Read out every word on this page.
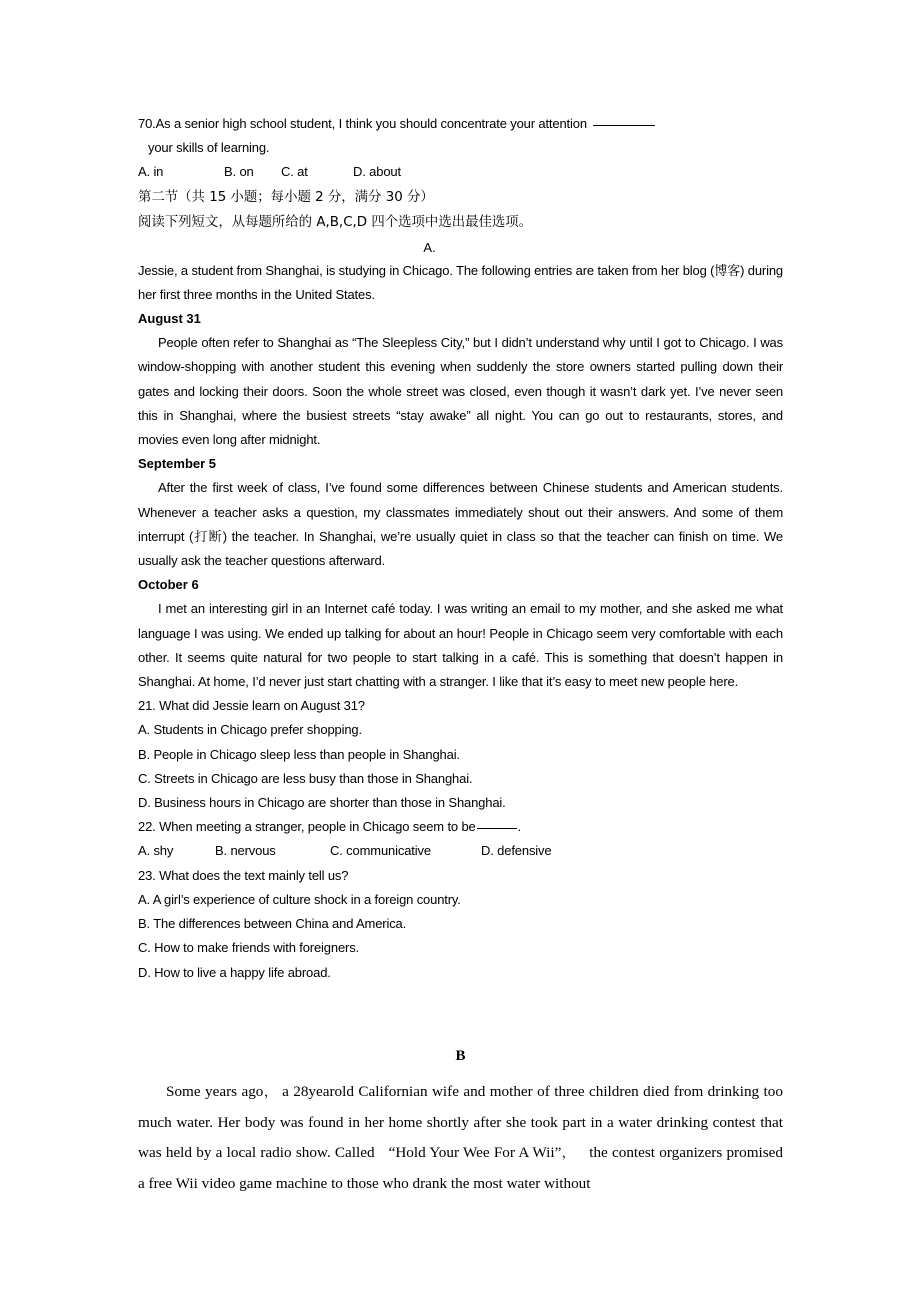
70.As a senior high school student, I think you should concentrate your attention
your skills of learning.
A. in	B. on C. at	D. about
第二节（共 15 小题；每小题 2 分，满分 30 分）
阅读下列短文，从每题所给的 A,B,C,D 四个选项中选出最佳选项。
A.

Jessie, a student from Shanghai, is studying in Chicago. The following entries are taken from her blog (博客) during her first three months in the United States.

August 31

People often refer to Shanghai as “The Sleepless City,” but I didn’t understand why until I got to Chicago. I was window-shopping with another student this evening when suddenly the store owners started pulling down their gates and locking their doors. Soon the whole street was closed, even though it wasn’t dark yet. I’ve never seen this in Shanghai, where the busiest streets “stay awake” all night. You can go out to restaurants, stores, and movies even long after midnight.

September 5

After the first week of class, I’ve found some differences between Chinese students and American students. Whenever a teacher asks a question, my classmates immediately shout out their answers. And some of them interrupt (打断) the teacher. In Shanghai, we’re usually quiet in class so that the teacher can finish on time. We usually ask the teacher questions afterward.

October 6

I met an interesting girl in an Internet café today. I was writing an email to my mother, and she asked me what language I was using. We ended up talking for about an hour! People in Chicago seem very comfortable with each other. It seems quite natural for two people to start talking in a café. This is something that doesn’t happen in Shanghai. At home, I’d never just start chatting with a stranger. I like that it’s easy to meet new people here.

21. What did Jessie learn on August 31?

A. Students in Chicago prefer shopping.

B. People in Chicago sleep less than people in Shanghai.

C. Streets in Chicago are less busy than those in Shanghai.

D. Business hours in Chicago are shorter than those in Shanghai.

22. When meeting a stranger, people in Chicago seem to be	.

A. shy	B. nervous	C. communicative	D. defensive

23. What does the text mainly tell us?

A. A girl’s experience of culture shock in a foreign country.

B. The differences between China and America.

C. How to make friends with foreigners.

D. How to live a happy life abroad.

B

Some years ago， a 28yearold Californian wife and mother of three children died from drinking too much water. Her body was found in her home shortly after she took part in a water drinking contest that was held by a local radio show. Called “Hold Your Wee For A Wii”， the contest organizers promised a free Wii video game machine to those who drank the most water without
